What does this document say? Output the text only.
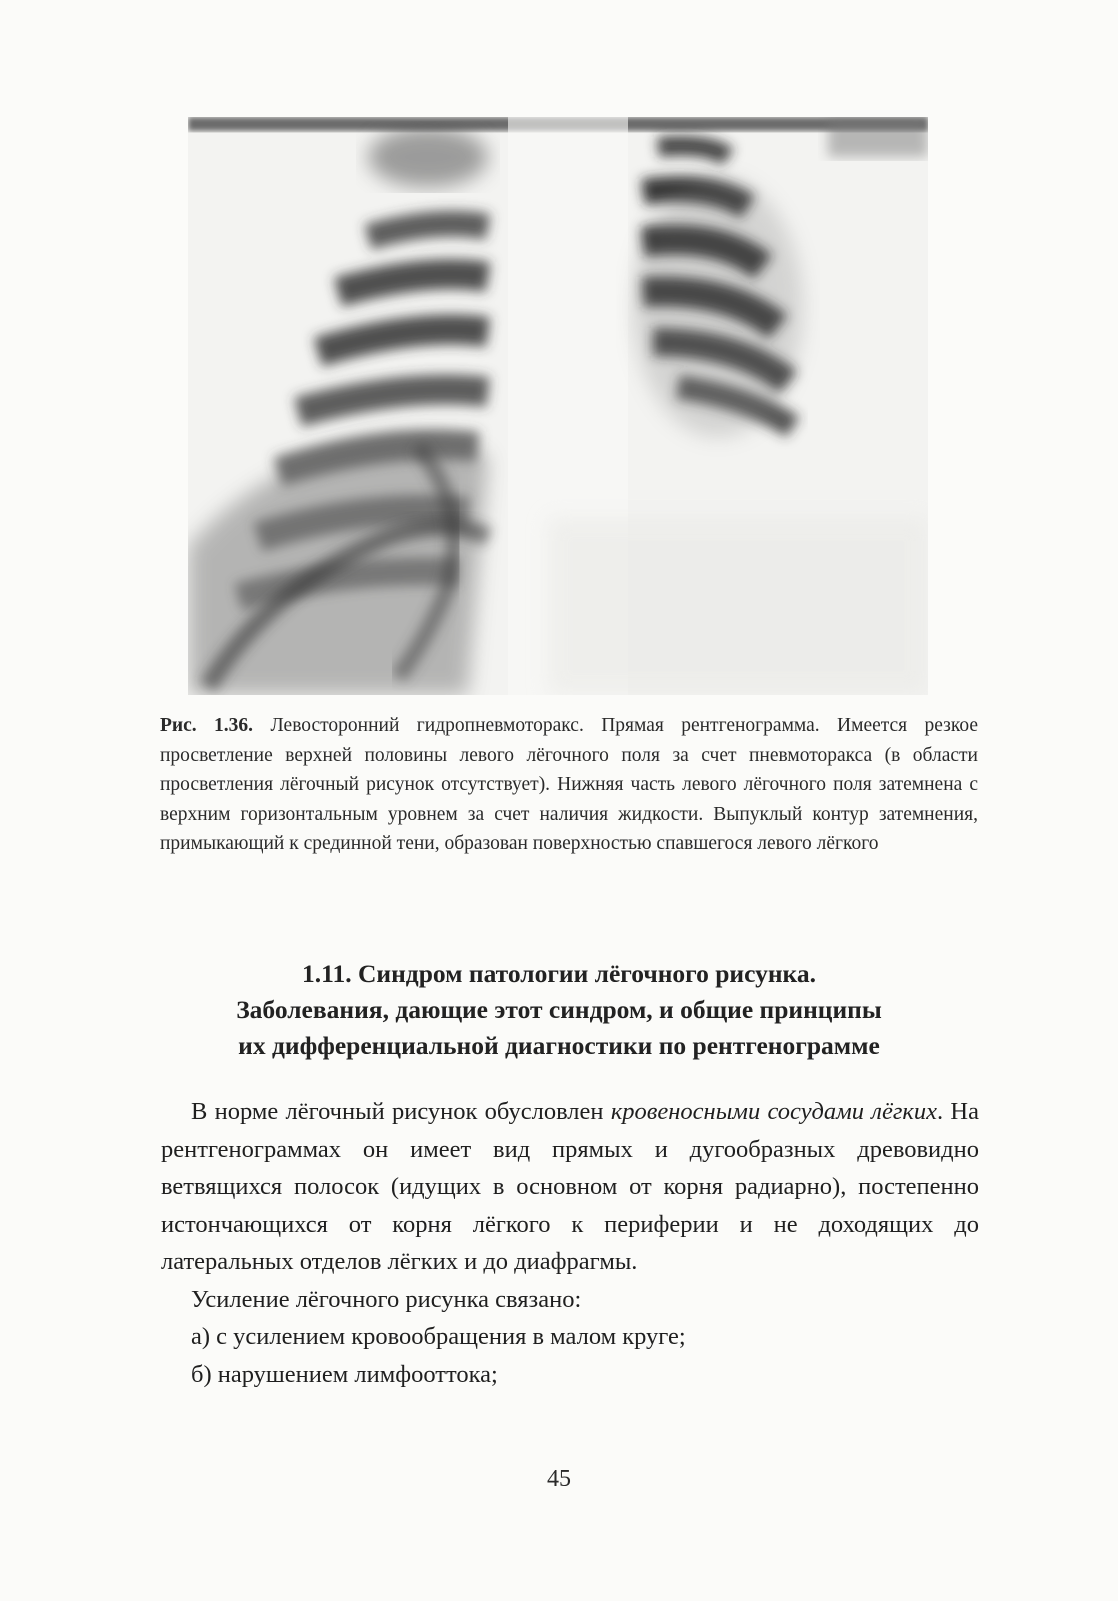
Рис. 1.36. Левосторонний гидропневмоторакс. Прямая рентгенограмма. Имеется резкое просветление верхней половины левого лёгочного поля за счет пневмоторакса (в области просветления лёгочный рисунок отсутствует). Нижняя часть левого лёгочного поля затемнена с верхним горизонтальным уровнем за счет наличия жидкости. Выпуклый контур затемнения, примыкающий к срединной тени, образован поверхностью спавшегося левого лёгкого
1.11. Синдром патологии лёгочного рисунка.
Заболевания, дающие этот синдром, и общие принципы
их дифференциальной диагностики по рентгенограмме

В норме лёгочный рисунок обусловлен кровеносными сосудами лёгких. На рентгенограммах он имеет вид прямых и дугообразных древовидно ветвящихся полосок (идущих в основном от корня радиарно), постепенно истончающихся от корня лёгкого к периферии и не доходящих до латеральных отделов лёгких и до диафрагмы.

Усиление лёгочного рисунка связано:

а) с усилением кровообращения в малом круге;

б) нарушением лимфооттока;

45
